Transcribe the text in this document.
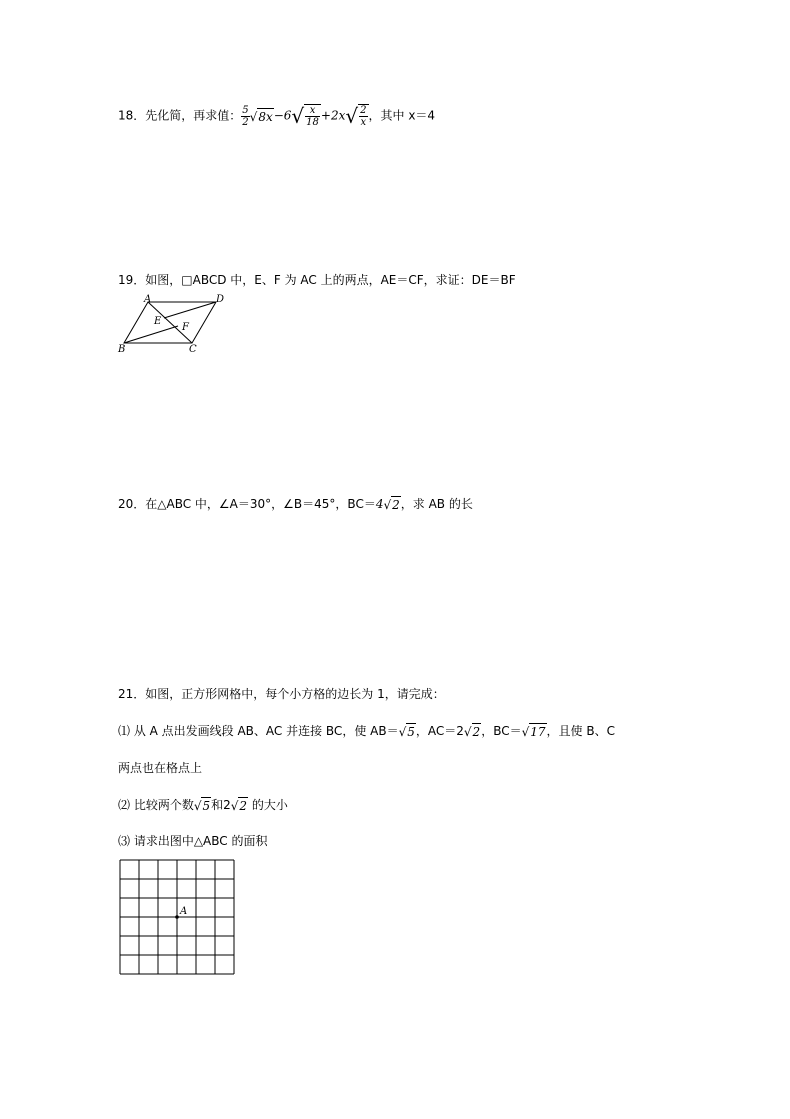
18．先化简，再求值： $\frac{5}{2} √8x-6√ \frac{x}{18} +2x√ \frac{2}{x}$ ，其中 x＝4
19．如图，□ABCD 中，E、F 为 AC 上的两点，AE＝CF，求证：DE＝BF
A	D
E
F
B	C
20．在△ABC 中，∠A＝30°，∠B＝45°，BC＝4√2，求 AB 的长
21．如图，正方形网格中，每个小方格的边长为 1，请完成：
⑴ 从 A 点出发画线段 AB、AC 并连接 BC，使 AB＝√5，AC＝2√2，BC＝√17，且使 B、C
两点也在格点上
⑵ 比较两个数√5和2√2 的大小
⑶ 请求出图中△ABC 的面积
A
